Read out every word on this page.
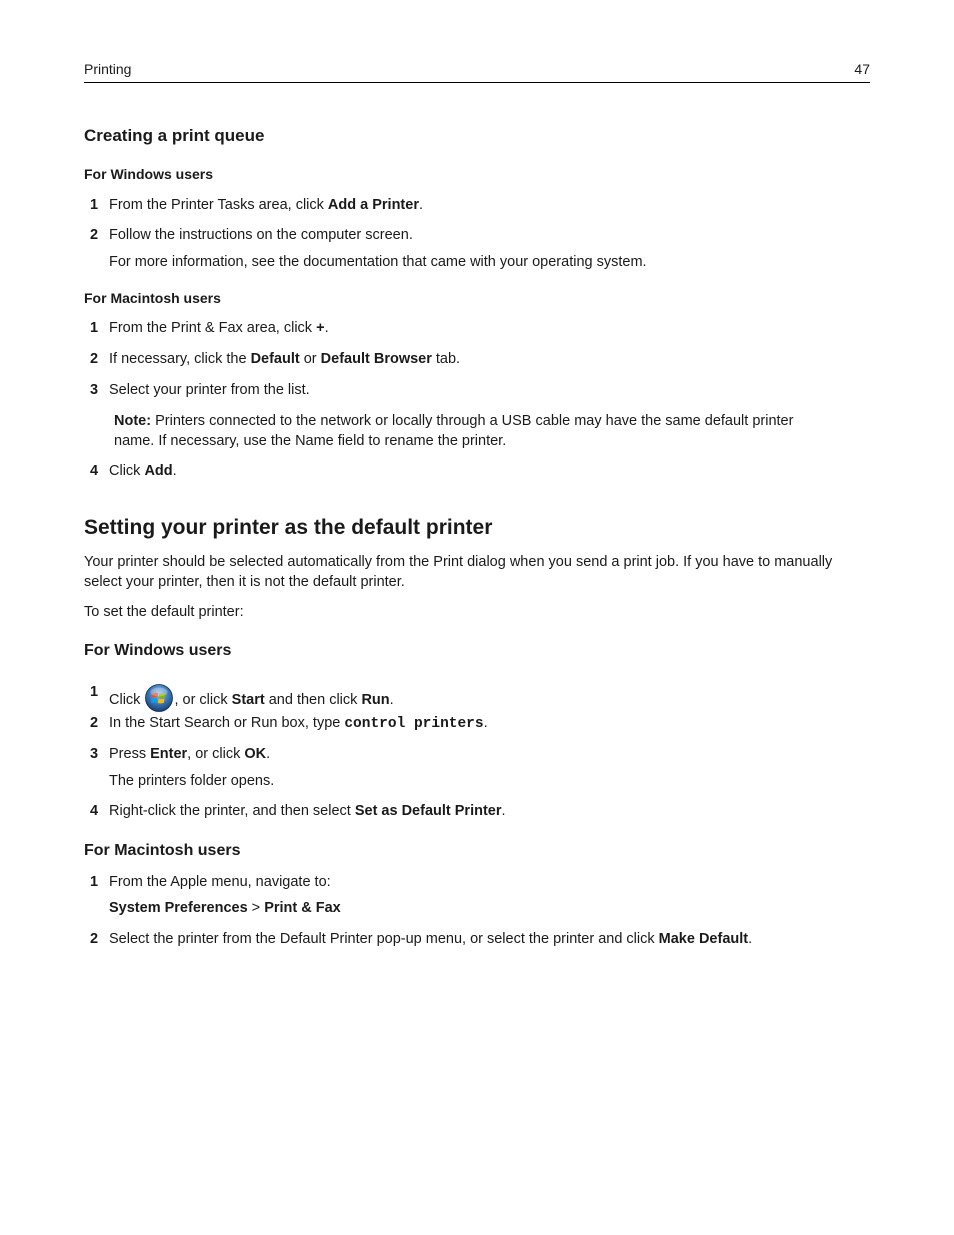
Printing	47
Creating a print queue
For Windows users
1 From the Printer Tasks area, click Add a Printer.
2 Follow the instructions on the computer screen.
For more information, see the documentation that came with your operating system.
For Macintosh users
1 From the Print & Fax area, click +.
2 If necessary, click the Default or Default Browser tab.
3 Select your printer from the list.
Note: Printers connected to the network or locally through a USB cable may have the same default printer
name. If necessary, use the Name field to rename the printer.
4 Click Add.
Setting your printer as the default printer
Your printer should be selected automatically from the Print dialog when you send a print job. If you have to manually
select your printer, then it is not the default printer.
To set the default printer:
For Windows users
1 Click , or click Start and then click Run.
2 In the Start Search or Run box, type control printers.
3 Press Enter, or click OK.
The printers folder opens.
4 Right-click the printer, and then select Set as Default Printer.
For Macintosh users
1 From the Apple menu, navigate to:
System Preferences > Print & Fax
2 Select the printer from the Default Printer pop-up menu, or select the printer and click Make Default.
